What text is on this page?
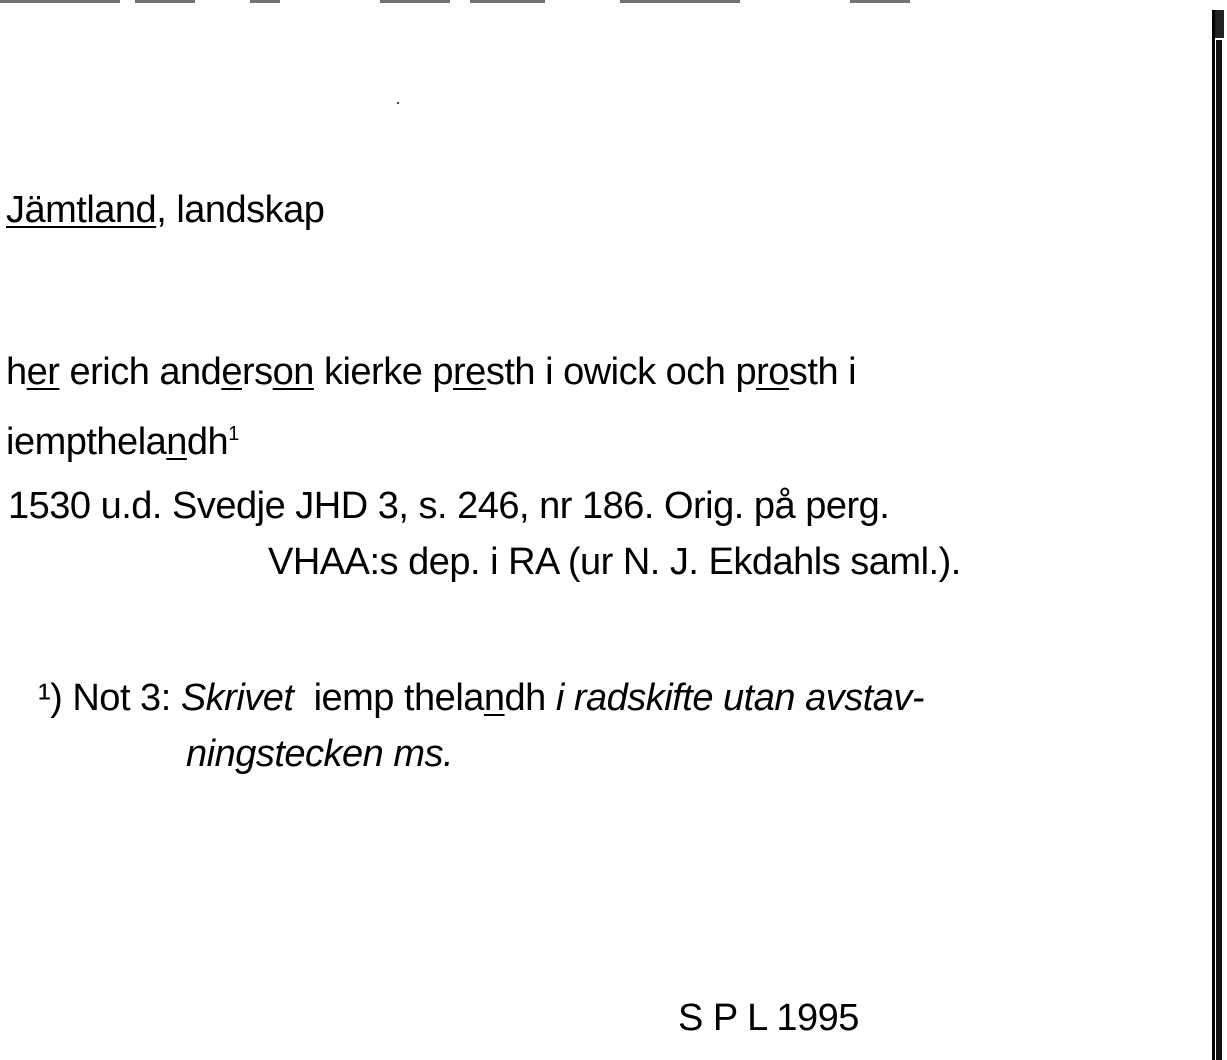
Jämtland, landskap
her erich anderson kierke presth i owick och prosth i
iempthelandh$^1$
1530 u.d. Svedje JHD 3, s. 246, nr 186. Orig. på perg.
VHAA:s dep. i RA (ur N. J. Ekdahls saml.).
¹) Not 3: Skrivet  iemp thelandh i radskifte utan avstav-
ningstecken ms.
S P L 1995
